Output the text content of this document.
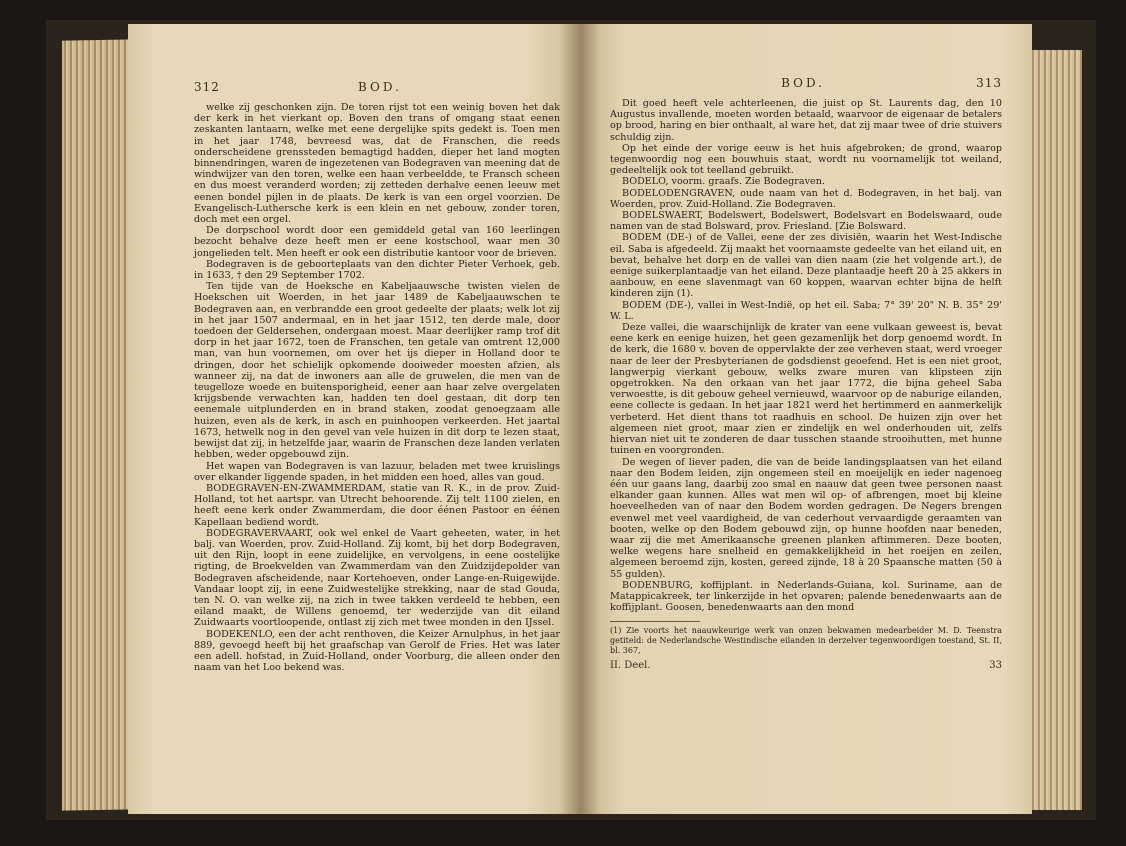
312	BOD.

welke zij geschonken zijn. De toren rijst tot een weinig boven het dak der kerk in het vierkant op. Boven den trans of omgang staat eenen zeskanten lantaarn, welke met eene dergelijke spits gedekt is. Toen men in het jaar 1748, bevreesd was, dat de Franschen, die reeds onderscheidene grenssteden bemagtigd hadden, dieper het land mogten binnendringen, waren de ingezetenen van Bodegraven van meening dat de windwijzer van den toren, welke een haan verbeeldde, te Fransch scheen en dus moest veranderd worden; zij zetteden derhalve eenen leeuw met eenen bondel pijlen in de plaats. De kerk is van een orgel voorzien. De Evangelisch-Luthersche kerk is een klein en net gebouw, zonder toren, doch met een orgel.

De dorpschool wordt door een gemiddeld getal van 160 leerlingen bezocht behalve deze heeft men er eene kostschool, waar men 30 jongelieden telt. Men heeft er ook een distributie kantoor voor de brieven.

Bodegraven is de geboorteplaats van den dichter Pieter Verhoek, geb. in 1633, † den 29 September 1702.

Ten tijde van de Hoeksche en Kabeljaauwsche twisten vielen de Hoekschen uit Woerden, in het jaar 1489 de Kabeljaauwschen te Bodegraven aan, en verbrandde een groot gedeelte der plaats; welk lot zij in het jaar 1507 andermaal, en in het jaar 1512, ten derde male, door toedoen der Geldersehen, ondergaan moest. Maar deerlijker ramp trof dit dorp in het jaar 1672, toen de Franschen, ten getale van omtrent 12,000 man, van hun voornemen, om over het ijs dieper in Holland door te dringen, door het schielijk opkomende dooiweder moesten afzien, als wanneer zij, na dat de inwoners aan alle de gruwelen, die men van de teugelloze woede en buitensporigheid, eener aan haar zelve overgelaten krijgsbende verwachten kan, hadden ten doel gestaan, dit dorp ten eenemale uitplunderden en in brand staken, zoodat genoegzaam alle huizen, even als de kerk, in asch en puinhoopen verkeerden. Het jaartal 1673, hetwelk nog in den gevel van vele huizen in dit dorp te lezen staat, bewijst dat zij, in hetzelfde jaar, waarin de Franschen deze landen verlaten hebben, weder opgebouwd zijn.

Het wapen van Bodegraven is van lazuur, beladen met twee kruislings over elkander liggende spaden, in het midden een hoed, alles van goud.

BODEGRAVEN-EN-ZWAMMERDAM, statie van R. K., in de prov. Zuid-Holland, tot het aartspr. van Utrecht behoorende. Zij telt 1100 zielen, en heeft eene kerk onder Zwammerdam, die door éénen Pastoor en éénen Kapellaan bediend wordt.

BODEGRAVERVAART, ook wel enkel de Vaart geheeten, water, in het balj. van Woerden, prov. Zuid-Holland. Zij komt, bij het dorp Bodegraven, uit den Rijn, loopt in eene zuidelijke, en vervolgens, in eene oostelijke rigting, de Broekvelden van Zwammerdam van den Zuidzijdepolder van Bodegraven afscheidende, naar Kortehoeven, onder Lange-en-Ruigewijde. Vandaar loopt zij, in eene Zuidwestelijke strekking, naar de stad Gouda, ten N. O. van welke zij, na zich in twee takken verdeeld te hebben, een eiland maakt, de Willens genoemd, ter wederzijde van dit eiland Zuidwaarts voortloopende, ontlast zij zich met twee monden in den IJssel.

BODEKENLO, een der acht renthoven, die Keizer Arnulphus, in het jaar 889, gevoegd heeft bij het graafschap van Gerolf de Fries. Het was later een adell. hofstad, in Zuid-Holland, onder Voorburg, die alleen onder den naam van het Loo bekend was.

BOD.	313

Dit goed heeft vele achterleenen, die juist op St. Laurents dag, den 10 Augustus invallende, moeten worden betaald, waarvoor de eigenaar de betalers op brood, haring en bier onthaalt, al ware het, dat zij maar twee of drie stuivers schuldig zijn.

Op het einde der vorige eeuw is het huis afgebroken; de grond, waarop tegenwoordig nog een bouwhuis staat, wordt nu voornamelijk tot weiland, gedeeltelijk ook tot teelland gebruikt.

BODELO, voorm. graafs. Zie Bodegraven.

BODELODENGRAVEN, oude naam van het d. Bodegraven, in het balj. van Woerden, prov. Zuid-Holland. Zie Bodegraven.

BODELSWAERT, Bodelswert, Bodelswert, Bodelsvart en Bodelswaard, oude namen van de stad Bolsward, prov. Friesland. [Zie Bolsward.

BODEM (DE-) of de Vallei, eene der zes divisiën, waarin het West-Indische eil. Saba is afgedeeld. Zij maakt het voornaamste gedeelte van het eiland uit, en bevat, behalve het dorp en de vallei van dien naam (zie het volgende art.), de eenige suikerplantaadje van het eiland. Deze plantaadje heeft 20 à 25 akkers in aanbouw, en eene slavenmagt van 60 koppen, waarvan echter bijna de helft kinderen zijn (1).

BODEM (DE-), vallei in West-Indië, op het eil. Saba; 7° 39' 20" N. B. 35° 29' W. L.

Deze vallei, die waarschijnlijk de krater van eene vulkaan geweest is, bevat eene kerk en eenige huizen, het geen gezamenlijk het dorp genoemd wordt. In de kerk, die 1680 v. boven de oppervlakte der zee verheven staat, werd vroeger naar de leer der Presbyterianen de godsdienst geoefend. Het is een niet groot, langwerpig vierkant gebouw, welks zware muren van klipsteen zijn opgetrokken. Na den orkaan van het jaar 1772, die bijna geheel Saba verwoestte, is dit gebouw geheel vernieuwd, waarvoor op de naburige eilanden, eene collecte is gedaan. In het jaar 1821 werd het hertimmerd en aanmerkelijk verbeterd. Het dient thans tot raadhuis en school. De huizen zijn over het algemeen niet groot, maar zien er zindelijk en wel onderhouden uit, zelfs hiervan niet uit te zonderen de daar tusschen staande strooihutten, met hunne tuinen en voorgronden.

De wegen of liever paden, die van de beide landingsplaatsen van het eiland naar den Bodem leiden, zijn ongemeen steil en moeijelijk en ieder nagenoeg één uur gaans lang, daarbij zoo smal en naauw dat geen twee personen naast elkander gaan kunnen. Alles wat men wil op- of afbrengen, moet bij kleine hoeveelheden van of naar den Bodem worden gedragen. De Negers brengen evenwel met veel vaardigheid, de van cederhout vervaardigde geraamten van booten, welke op den Bodem gebouwd zijn, op hunne hoofden naar beneden, waar zij die met Amerikaansche greenen planken aftimmeren. Deze booten, welke wegens hare snelheid en gemakkelijkheid in het roeijen en zeilen, algemeen beroemd zijn, kosten, gereed zijnde, 18 à 20 Spaansche matten (50 à 55 gulden).

BODENBURG, koffijplant. in Nederlands-Guiana, kol. Suriname, aan de Matappicakreek, ter linkerzijde in het opvaren; palende benedenwaarts aan de koffijplant. Goosen, benedenwaarts aan den mond

(1) Zie voorts het naauwkeurige werk van onzen bekwamen medearbeider M. D. Teenstra getiteld: de Nederlandsche Westindische eilanden in derzelver tegenwoordigen toestand, St. II, bl. 367,

II. Deel.	33
